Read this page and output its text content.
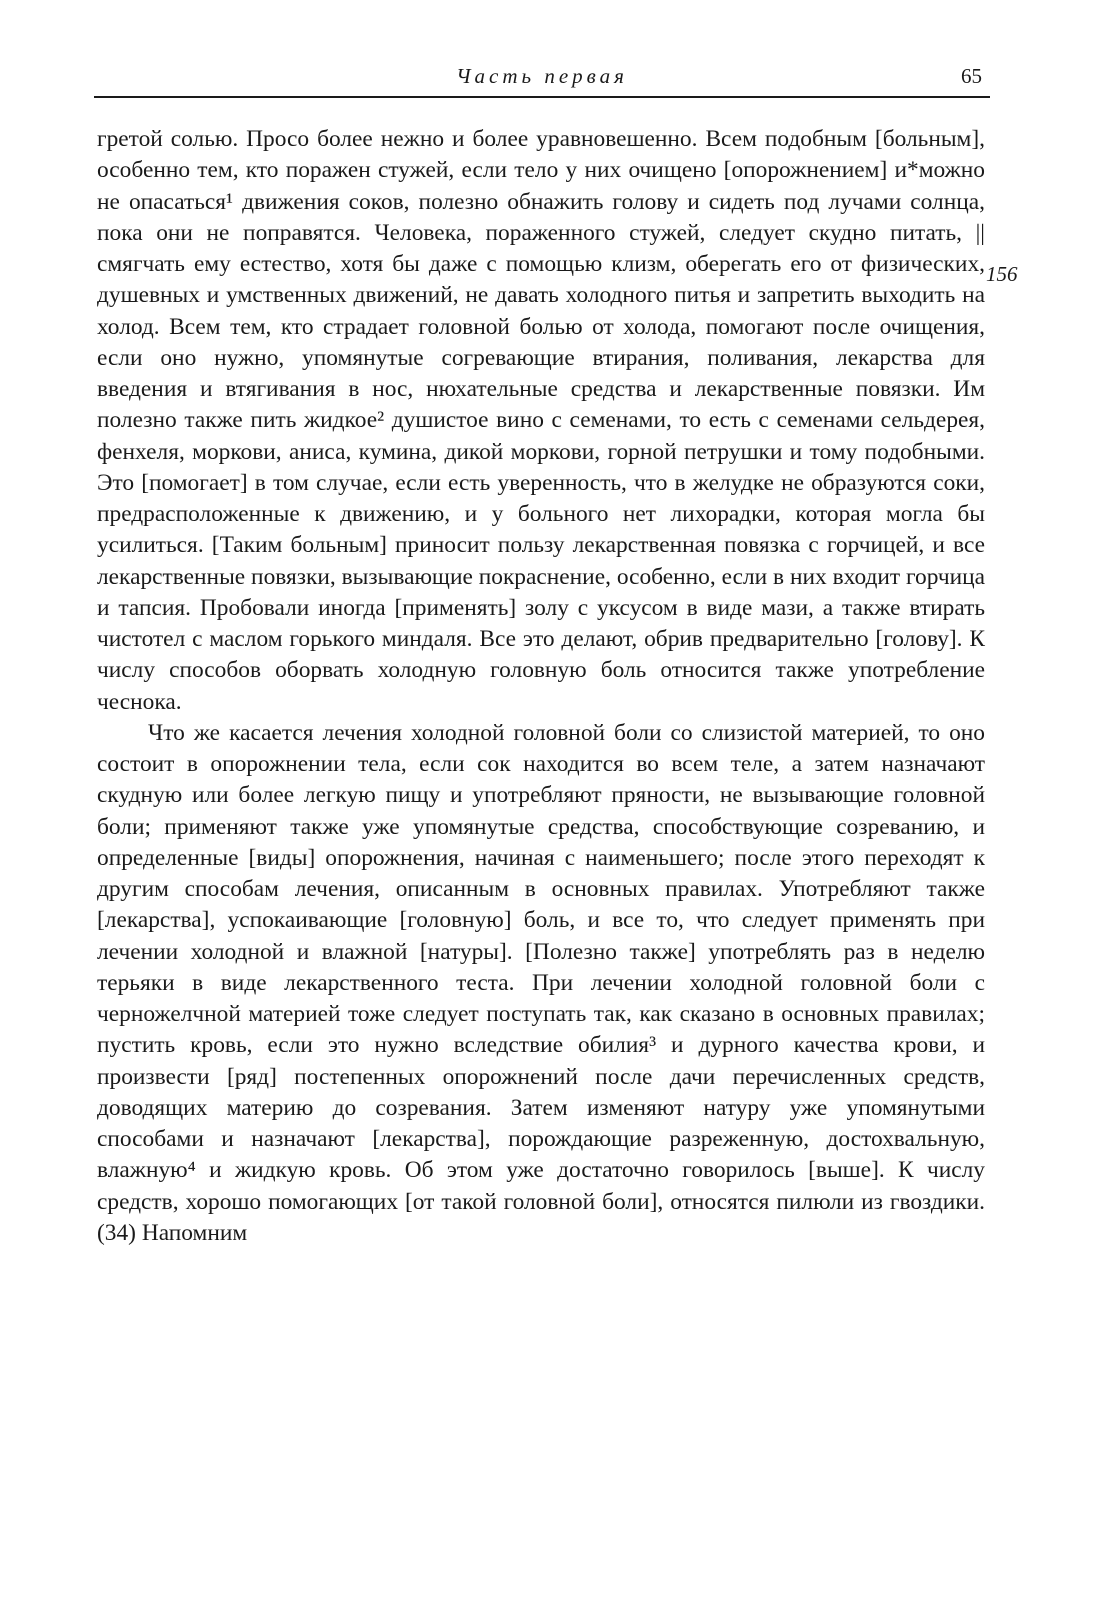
Часть первая	65
156

гретой солью. Просо более нежно и более уравновешенно. Всем подобным [больным], особенно тем, кто поражен стужей, если тело у них очищено [опорожнением] и*можно не опасаться¹ движения соков, полезно обнажить голову и сидеть под лучами солнца, пока они не поправятся. Человека, пораженного стужей, следует скудно питать, || смягчать ему естество, хотя бы даже с помощью клизм, оберегать его от физических, душевных и умственных движений, не давать холодного питья и запретить выходить на холод. Всем тем, кто страдает головной болью от холода, помогают после очищения, если оно нужно, упомянутые согревающие втирания, поливания, лекарства для введения и втягивания в нос, нюхательные средства и лекарственные повязки. Им полезно также пить жидкое² душистое вино с семенами, то есть с семенами сельдерея, фенхеля, моркови, аниса, кумина, дикой моркови, горной петрушки и тому подобными. Это [помогает] в том случае, если есть уверенность, что в желудке не образуются соки, предрасположенные к движению, и у больного нет лихорадки, которая могла бы усилиться. [Таким больным] приносит пользу лекарственная повязка с горчицей, и все лекарственные повязки, вызывающие покраснение, особенно, если в них входит горчица и тапсия. Пробовали иногда [применять] золу с уксусом в виде мази, а также втирать чистотел с маслом горького миндаля. Все это делают, обрив предварительно [голову]. К числу способов оборвать холодную головную боль относится также употребление чеснока.

Что же касается лечения холодной головной боли со слизистой материей, то оно состоит в опорожнении тела, если сок находится во всем теле, а затем назначают скудную или более легкую пищу и употребляют пряности, не вызывающие головной боли; применяют также уже упомянутые средства, способствующие созреванию, и определенные [виды] опорожнения, начиная с наименьшего; после этого переходят к другим способам лечения, описанным в основных правилах. Употребляют также [лекарства], успокаивающие [головную] боль, и все то, что следует применять при лечении холодной и влажной [натуры]. [Полезно также] употреблять раз в неделю терьяки в виде лекарственного теста. При лечении холодной головной боли с черножелчной материей тоже следует поступать так, как сказано в основных правилах; пустить кровь, если это нужно вследствие обилия³ и дурного качества крови, и произвести [ряд] постепенных опорожнений после дачи перечисленных средств, доводящих материю до созревания. Затем изменяют натуру уже упомянутыми способами и назначают [лекарства], порождающие разреженную, достохвальную, влажную⁴ и жидкую кровь. Об этом уже достаточно говорилось [выше]. К числу средств, хорошо помогающих [от такой головной боли], относятся пилюли из гвоздики. (34) Напомним
